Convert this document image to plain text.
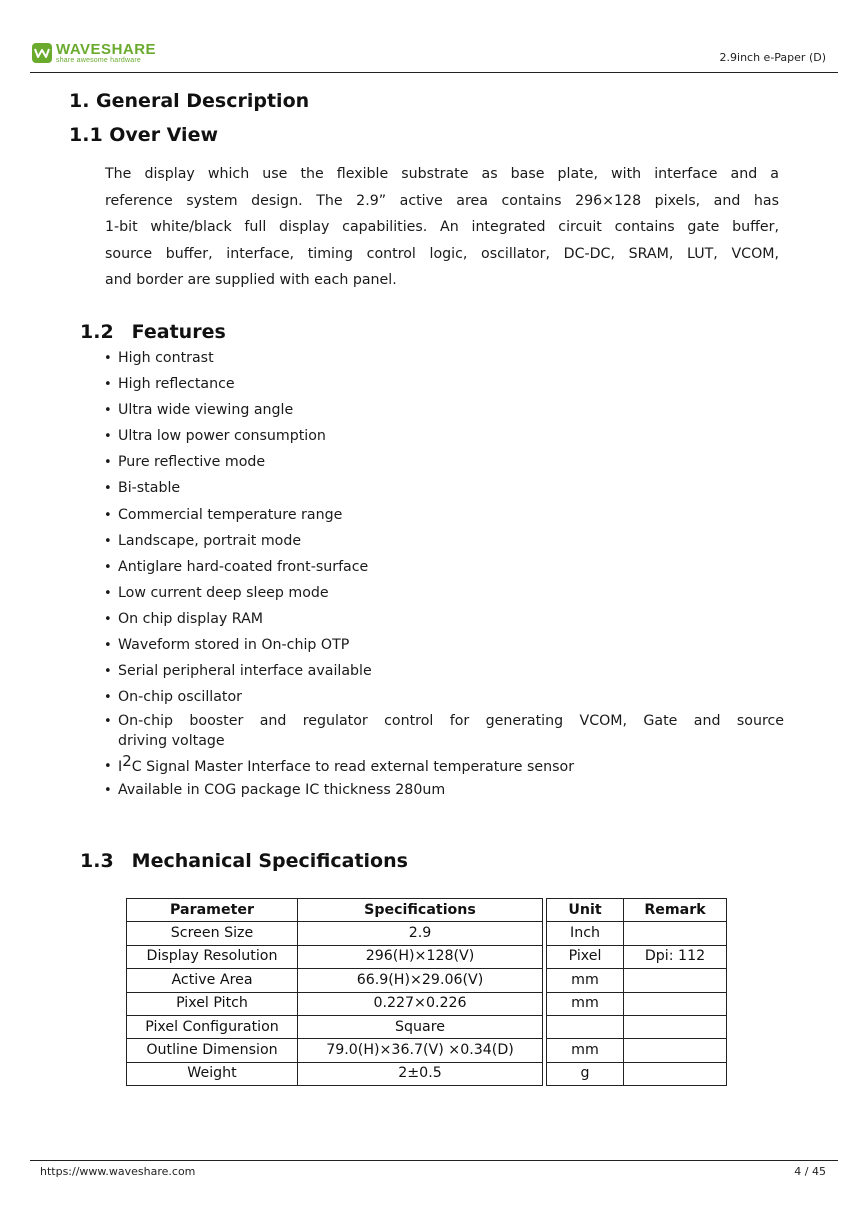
WAVESHARE
share awesome hardware	2.9inch e-Paper (D)
1. General Description
1.1 Over View

The display which use the flexible substrate as base plate, with interface and a
reference system design. The 2.9” active area contains 296×128 pixels, and has
1-bit white/black full display capabilities. An integrated circuit contains gate buffer,
source buffer, interface, timing control logic, oscillator, DC-DC, SRAM, LUT, VCOM,
and border are supplied with each panel.

1.2 Features
• High contrast
• High reflectance
• Ultra wide viewing angle
• Ultra low power consumption
• Pure reflective mode
• Bi-stable
• Commercial temperature range
• Landscape, portrait mode
• Antiglare hard-coated front-surface
• Low current deep sleep mode
• On chip display RAM
• Waveform stored in On-chip OTP
• Serial peripheral interface available
• On-chip oscillator
• On-chip booster and regulator control for generating VCOM, Gate and source
driving voltage
• I2C Signal Master Interface to read external temperature sensor
• Available in COG package IC thickness 280um
1.3 Mechanical Specifications
Parameter	Specifications		Unit	Remark
Screen Size	2.9		Inch	
Display Resolution	296(H)×128(V)		Pixel	Dpi: 112
Active Area	66.9(H)×29.06(V)		mm	
Pixel Pitch	0.227×0.226		mm	
Pixel Configuration	Square			
Outline Dimension	79.0(H)×36.7(V) ×0.34(D)		mm	
Weight	2±0.5		g	
https://www.waveshare.com	4 / 45
